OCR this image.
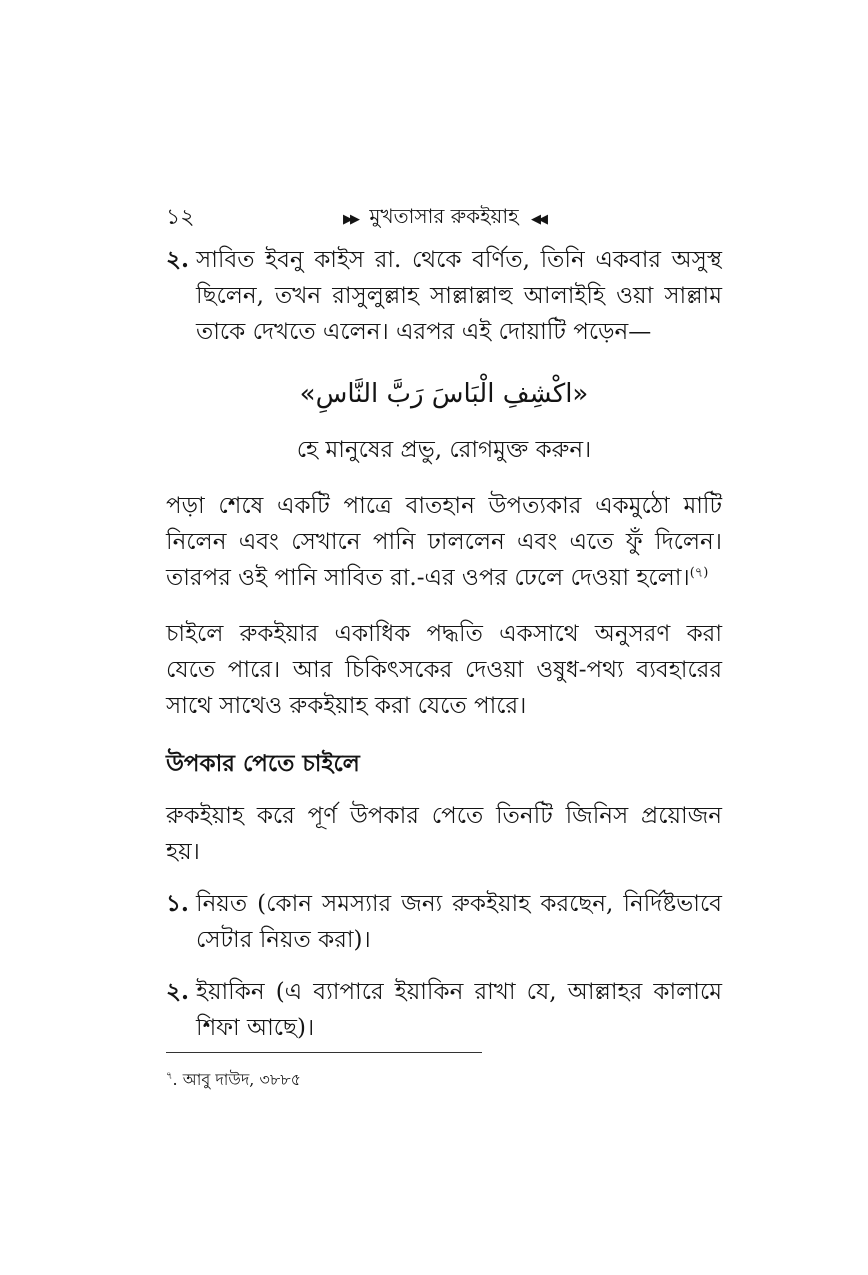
১২	▶▶ মুখতাসার রুকইয়াহ ◀◀
২. সাবিত ইবনু কাইস রা. থেকে বর্ণিত, তিনি একবার অসুস্থ ছিলেন, তখন রাসুলুল্লাহ সাল্লাল্লাহু আলাইহি ওয়া সাল্লাম তাকে দেখতে এলেন। এরপর এই দোয়াটি পড়েন—

«اكْشِفِ الْبَاسَ رَبَّ النَّاسِ»

হে মানুষের প্রভু, রোগমুক্ত করুন।

পড়া শেষে একটি পাত্রে বাতহান উপত্যকার একমুঠো মাটি নিলেন এবং সেখানে পানি ঢাললেন এবং এতে ফুঁ দিলেন। তারপর ওই পানি সাবিত রা.-এর ওপর ঢেলে দেওয়া হলো।$^{(৭)}$

চাইলে রুকইয়ার একাধিক পদ্ধতি একসাথে অনুসরণ করা যেতে পারে। আর চিকিৎসকের দেওয়া ওষুধ-পথ্য ব্যবহারের সাথে সাথেও রুকইয়াহ করা যেতে পারে।

উপকার পেতে চাইলে

রুকইয়াহ করে পূর্ণ উপকার পেতে তিনটি জিনিস প্রয়োজন হয়।

১. নিয়ত (কোন সমস্যার জন্য রুকইয়াহ করছেন, নির্দিষ্টভাবে সেটার নিয়ত করা)।
২. ইয়াকিন (এ ব্যাপারে ইয়াকিন রাখা যে, আল্লাহর কালামে শিফা আছে)।
$^৭$. আবু দাউদ, ৩৮৮৫
